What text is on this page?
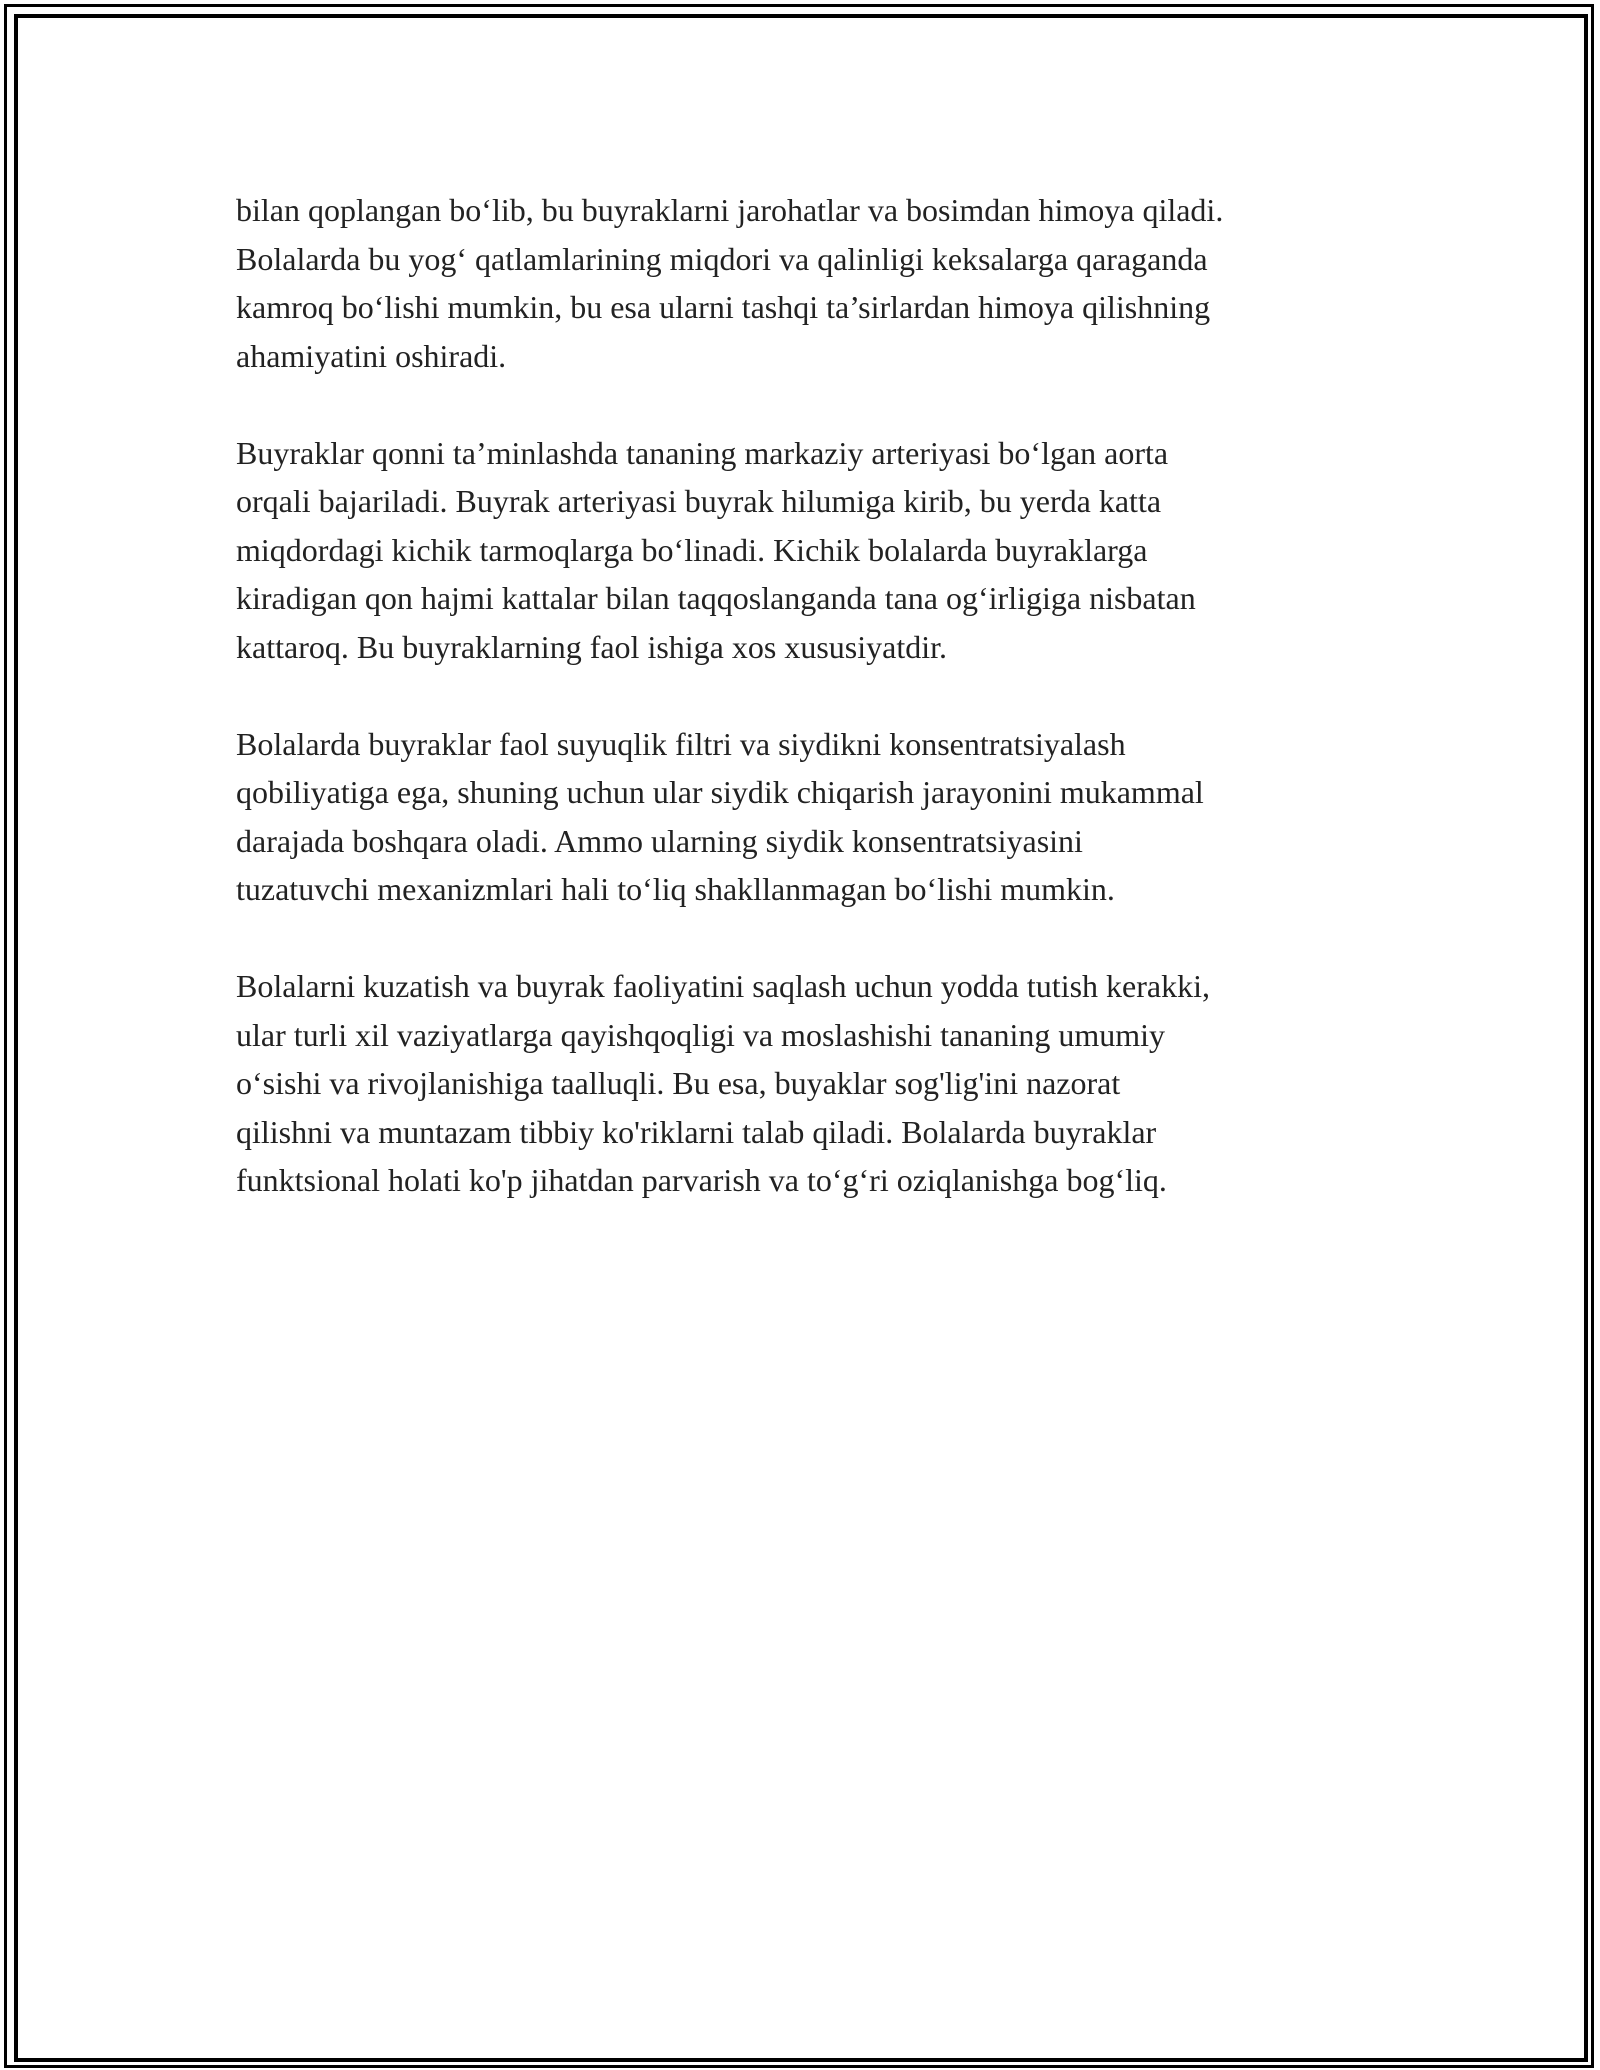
bilan qoplangan bo‘lib, bu buyraklarni jarohatlar va bosimdan himoya qiladi.
Bolalarda bu yog‘ qatlamlarining miqdori va qalinligi keksalarga qaraganda
kamroq bo‘lishi mumkin, bu esa ularni tashqi ta’sirlardan himoya qilishning
ahamiyatini oshiradi.

Buyraklar qonni ta’minlashda tananing markaziy arteriyasi bo‘lgan aorta
orqali bajariladi. Buyrak arteriyasi buyrak hilumiga kirib, bu yerda katta
miqdordagi kichik tarmoqlarga bo‘linadi. Kichik bolalarda buyraklarga
kiradigan qon hajmi kattalar bilan taqqoslanganda tana og‘irligiga nisbatan
kattaroq. Bu buyraklarning faol ishiga xos xususiyatdir.

Bolalarda buyraklar faol suyuqlik filtri va siydikni konsentratsiyalash
qobiliyatiga ega, shuning uchun ular siydik chiqarish jarayonini mukammal
darajada boshqara oladi. Ammo ularning siydik konsentratsiyasini
tuzatuvchi mexanizmlari hali to‘liq shakllanmagan bo‘lishi mumkin.

Bolalarni kuzatish va buyrak faoliyatini saqlash uchun yodda tutish kerakki,
ular turli xil vaziyatlarga qayishqoqligi va moslashishi tananing umumiy
o‘sishi va rivojlanishiga taalluqli. Bu esa, buyaklar sog'lig'ini nazorat
qilishni va muntazam tibbiy ko'riklarni talab qiladi. Bolalarda buyraklar
funktsional holati ko'p jihatdan parvarish va to‘g‘ri oziqlanishga bog‘liq.
